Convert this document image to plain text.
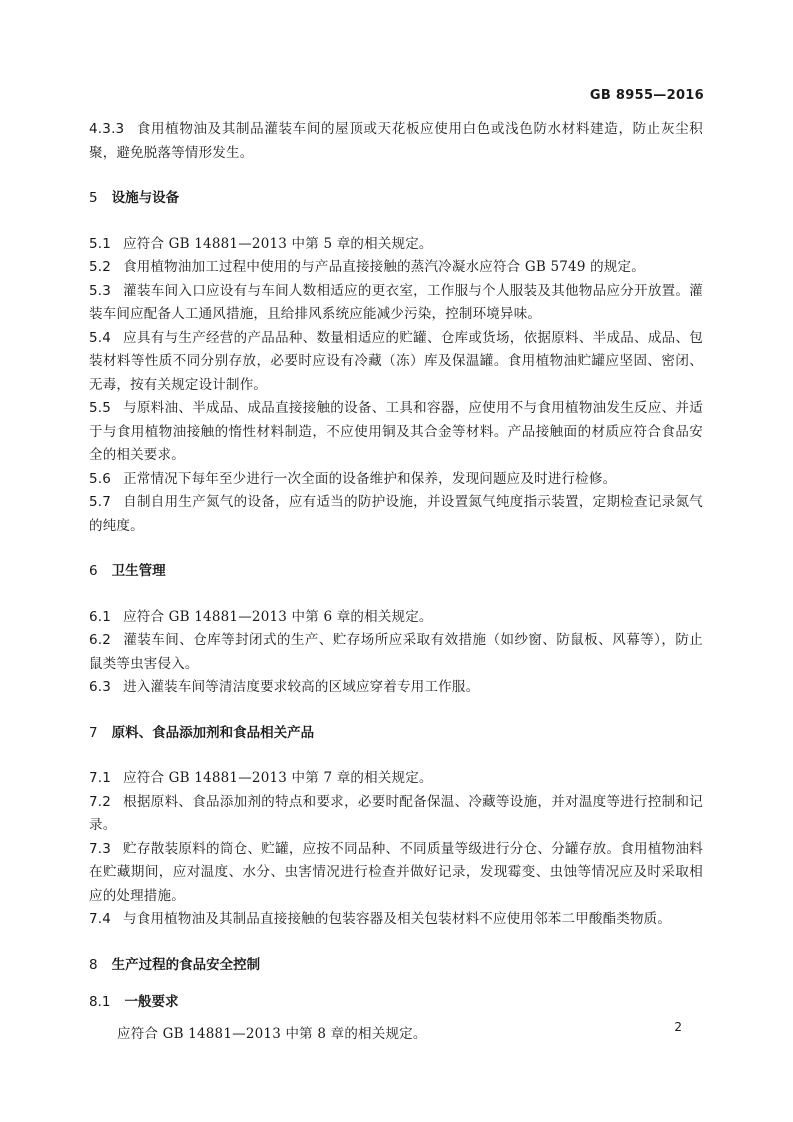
GB 8955—2016

4.3.3 食用植物油及其制品灌装车间的屋顶或天花板应使用白色或浅色防水材料建造，防止灰尘积聚，避免脱落等情形发生。

5 设施与设备

5.1 应符合 GB 14881—2013 中第 5 章的相关规定。

5.2 食用植物油加工过程中使用的与产品直接接触的蒸汽冷凝水应符合 GB 5749 的规定。

5.3 灌装车间入口应设有与车间人数相适应的更衣室，工作服与个人服装及其他物品应分开放置。灌装车间应配备人工通风措施，且给排风系统应能减少污染，控制环境异味。

5.4 应具有与生产经营的产品品种、数量相适应的贮罐、仓库或货场，依据原料、半成品、成品、包装材料等性质不同分别存放，必要时应设有冷藏（冻）库及保温罐。食用植物油贮罐应坚固、密闭、无毒，按有关规定设计制作。

5.5 与原料油、半成品、成品直接接触的设备、工具和容器，应使用不与食用植物油发生反应、并适于与食用植物油接触的惰性材料制造，不应使用铜及其合金等材料。产品接触面的材质应符合食品安全的相关要求。

5.6 正常情况下每年至少进行一次全面的设备维护和保养，发现问题应及时进行检修。

5.7 自制自用生产氮气的设备，应有适当的防护设施，并设置氮气纯度指示装置，定期检查记录氮气的纯度。

6 卫生管理

6.1 应符合 GB 14881—2013 中第 6 章的相关规定。

6.2 灌装车间、仓库等封闭式的生产、贮存场所应采取有效措施（如纱窗、防鼠板、风幕等），防止鼠类等虫害侵入。

6.3 进入灌装车间等清洁度要求较高的区域应穿着专用工作服。

7 原料、食品添加剂和食品相关产品

7.1 应符合 GB 14881—2013 中第 7 章的相关规定。

7.2 根据原料、食品添加剂的特点和要求，必要时配备保温、冷藏等设施，并对温度等进行控制和记录。

7.3 贮存散装原料的筒仓、贮罐，应按不同品种、不同质量等级进行分仓、分罐存放。食用植物油料在贮藏期间，应对温度、水分、虫害情况进行检查并做好记录，发现霉变、虫蚀等情况应及时采取相应的处理措施。

7.4 与食用植物油及其制品直接接触的包装容器及相关包装材料不应使用邻苯二甲酸酯类物质。

8 生产过程的食品安全控制

8.1 一般要求

应符合 GB 14881—2013 中第 8 章的相关规定。	2
